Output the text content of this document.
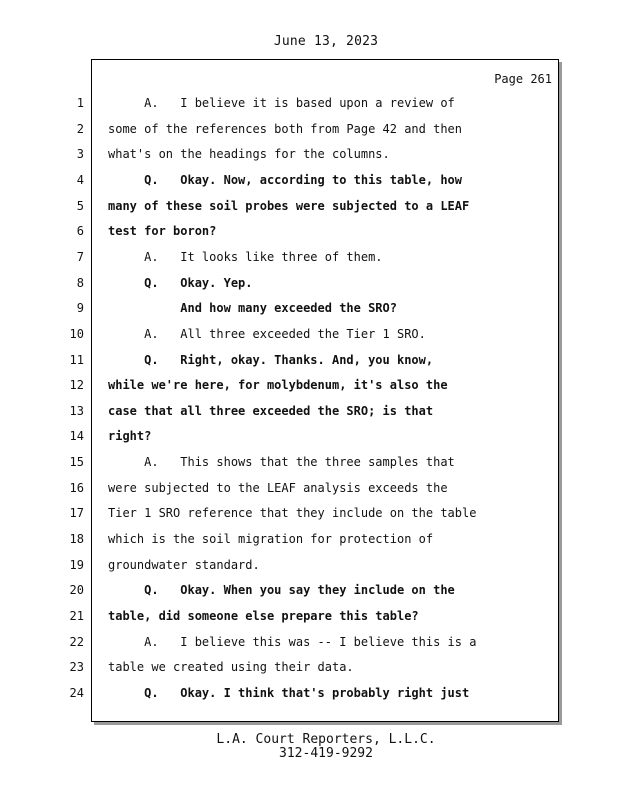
June 13, 2023
Page 261
1 A.   I believe it is based upon a review of
2 some of the references both from Page 42 and then
3 what's on the headings for the columns.
4 Q.   Okay. Now, according to this table, how
5 many of these soil probes were subjected to a LEAF
6 test for boron?
7 A.   It looks like three of them.
8 Q.   Okay. Yep.
9 And how many exceeded the SRO?
10 A.   All three exceeded the Tier 1 SRO.
11 Q.   Right, okay. Thanks. And, you know,
12 while we're here, for molybdenum, it's also the
13 case that all three exceeded the SRO; is that
14 right?
15 A.   This shows that the three samples that
16 were subjected to the LEAF analysis exceeds the
17 Tier 1 SRO reference that they include on the table
18 which is the soil migration for protection of
19 groundwater standard.
20 Q.   Okay. When you say they include on the
21 table, did someone else prepare this table?
22 A.   I believe this was -- I believe this is a
23 table we created using their data.
24 Q.   Okay. I think that's probably right just
L.A. Court Reporters, L.L.C.
312-419-9292
